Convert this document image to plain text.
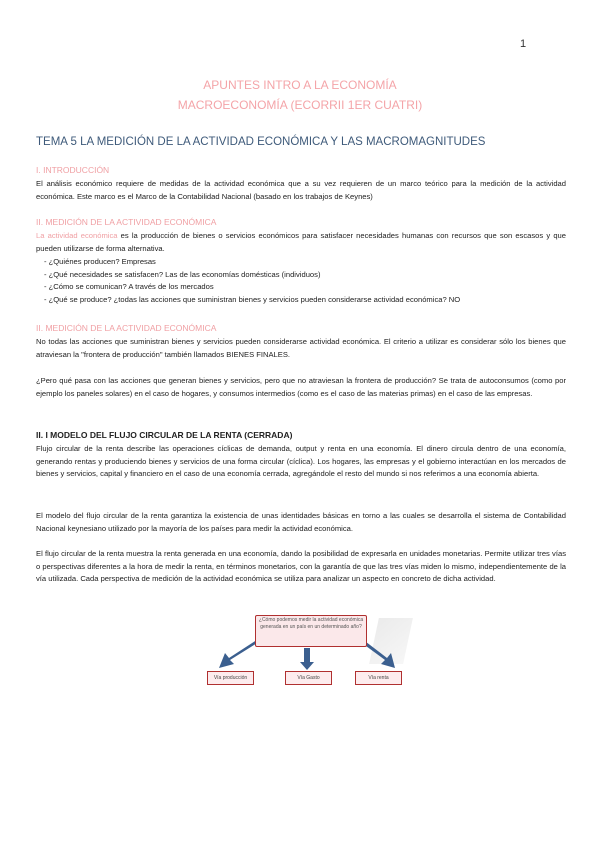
1
APUNTES INTRO A LA ECONOMÍA
MACROECONOMÍA (ECORRII 1ER CUATRI)
TEMA 5 LA MEDICIÓN DE LA ACTIVIDAD ECONÓMICA Y LAS MACROMAGNITUDES
I. INTRODUCCIÓN
El análisis económico requiere de medidas de la actividad económica que a su vez requieren de un marco teórico para la medición de la actividad económica. Este marco es el Marco de la Contabilidad Nacional (basado en los trabajos de Keynes)
II. MEDICIÓN DE LA ACTIVIDAD ECONÓMICA
La actividad económica es la producción de bienes o servicios económicos para satisfacer necesidades humanas con recursos que son escasos y que pueden utilizarse de forma alternativa.
- ¿Quiénes producen? Empresas
- ¿Qué necesidades se satisfacen? Las de las economías domésticas (individuos)
- ¿Cómo se comunican? A través de los mercados
- ¿Qué se produce? ¿todas las acciones que suministran bienes y servicios pueden considerarse actividad económica? NO
II. MEDICIÓN DE LA ACTIVIDAD ECONÓMICA
No todas las acciones que suministran bienes y servicios pueden considerarse actividad económica. El criterio a utilizar es considerar sólo los bienes que atraviesan la "frontera de producción" también llamados BIENES FINALES.
¿Pero qué pasa con las acciones que generan bienes y servicios, pero que no atraviesan la frontera de producción? Se trata de autoconsumos (como por ejemplo los paneles solares) en el caso de hogares, y consumos intermedios (como es el caso de las materias primas) en el caso de las empresas.
II. I MODELO DEL FLUJO CIRCULAR DE LA RENTA (CERRADA)
Flujo circular de la renta describe las operaciones cíclicas de demanda, output y renta en una economía. El dinero circula dentro de una economía, generando rentas y produciendo bienes y servicios de una forma circular (cíclica). Los hogares, las empresas y el gobierno interactúan en los mercados de bienes y servicios, capital y financiero en el caso de una economía cerrada, agregándole el resto del mundo si nos referimos a una economía abierta.
El modelo del flujo circular de la renta garantiza la existencia de unas identidades básicas en torno a las cuales se desarrolla el sistema de Contabilidad Nacional keynesiano utilizado por la mayoría de los países para medir la actividad económica.
El flujo circular de la renta muestra la renta generada en una economía, dando la posibilidad de expresarla en unidades monetarias. Permite utilizar tres vías o perspectivas diferentes a la hora de medir la renta, en términos monetarios, con la garantía de que las tres vías miden lo mismo, independientemente de la vía utilizada. Cada perspectiva de medición de la actividad económica se utiliza para analizar un aspecto en concreto de dicha actividad.
¿Cómo podemos medir la actividad económica generada en un país en un determinado año?
Vía producción	Vía Gasto	Vía renta
